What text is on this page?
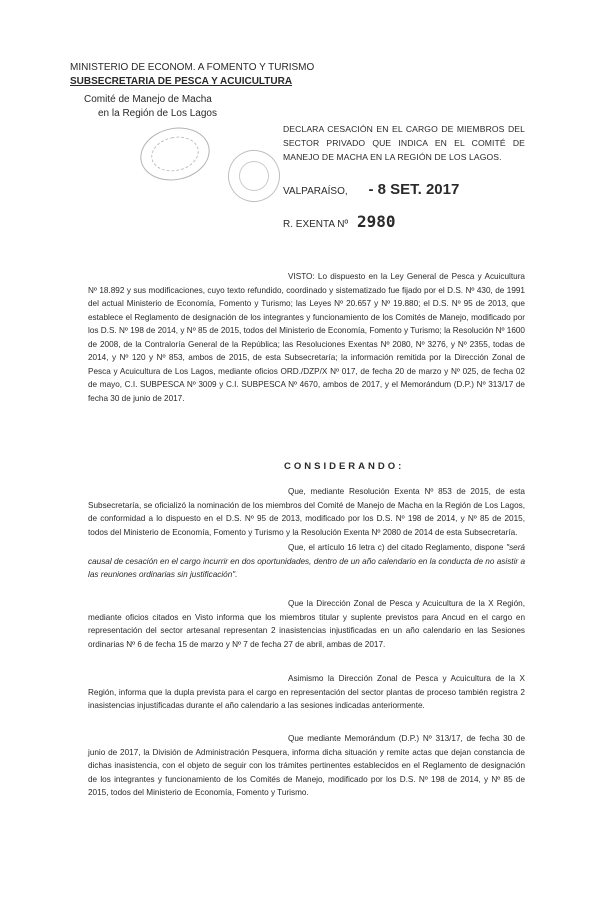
MINISTERIO DE ECONOM. A FOMENTO Y TURISMO
SUBSECRETARIA DE PESCA Y ACUICULTURA
Comité de Manejo de Macha
en la Región de Los Lagos
DECLARA CESACIÓN EN EL CARGO DE MIEMBROS DEL SECTOR PRIVADO QUE INDICA EN EL COMITÉ DE MANEJO DE MACHA EN LA REGIÓN DE LOS LAGOS.
VALPARAÍSO, - 8 SET. 2017
R. EXENTA Nº 2980
VISTO: Lo dispuesto en la Ley General de Pesca y Acuicultura Nº 18.892 y sus modificaciones, cuyo texto refundido, coordinado y sistematizado fue fijado por el D.S. Nº 430, de 1991 del actual Ministerio de Economía, Fomento y Turismo; las Leyes Nº 20.657 y Nº 19.880; el D.S. Nº 95 de 2013, que establece el Reglamento de designación de los integrantes y funcionamiento de los Comités de Manejo, modificado por los D.S. Nº 198 de 2014, y Nº 85 de 2015, todos del Ministerio de Economía, Fomento y Turismo; la Resolución Nº 1600 de 2008, de la Contraloría General de la República; las Resoluciones Exentas Nº 2080, Nº 3276, y Nº 2355, todas de 2014, y Nº 120 y Nº 853, ambos de 2015, de esta Subsecretaría; la información remitida por la Dirección Zonal de Pesca y Acuicultura de Los Lagos, mediante oficios ORD./DZP/X Nº 017, de fecha 20 de marzo y Nº 025, de fecha 02 de mayo, C.I. SUBPESCA Nº 3009 y C.I. SUBPESCA Nº 4670, ambos de 2017, y el Memorándum (D.P.) Nº 313/17 de fecha 30 de junio de 2017.
CONSIDERANDO:
Que, mediante Resolución Exenta Nº 853 de 2015, de esta Subsecretaría, se oficializó la nominación de los miembros del Comité de Manejo de Macha en la Región de Los Lagos, de conformidad a lo dispuesto en el D.S. Nº 95 de 2013, modificado por los D.S. Nº 198 de 2014, y Nº 85 de 2015, todos del Ministerio de Economía, Fomento y Turismo y la Resolución Exenta Nº 2080 de 2014 de esta Subsecretaría.
Que, el artículo 16 letra c) del citado Reglamento, dispone "será causal de cesación en el cargo incurrir en dos oportunidades, dentro de un año calendario en la conducta de no asistir a las reuniones ordinarias sin justificación".
Que la Dirección Zonal de Pesca y Acuicultura de la X Región, mediante oficios citados en Visto informa que los miembros titular y suplente previstos para Ancud en el cargo en representación del sector artesanal representan 2 inasistencias injustificadas en un año calendario en las Sesiones ordinarias Nº 6 de fecha 15 de marzo y Nº 7 de fecha 27 de abril, ambas de 2017.
Asimismo la Dirección Zonal de Pesca y Acuicultura de la X Región, informa que la dupla prevista para el cargo en representación del sector plantas de proceso también registra 2 inasistencias injustificadas durante el año calendario a las sesiones indicadas anteriormente.
Que mediante Memorándum (D.P.) Nº 313/17, de fecha 30 de junio de 2017, la División de Administración Pesquera, informa dicha situación y remite actas que dejan constancia de dichas inasistencia, con el objeto de seguir con los trámites pertinentes establecidos en el Reglamento de designación de los integrantes y funcionamiento de los Comités de Manejo, modificado por los D.S. Nº 198 de 2014, y Nº 85 de 2015, todos del Ministerio de Economía, Fomento y Turismo.
